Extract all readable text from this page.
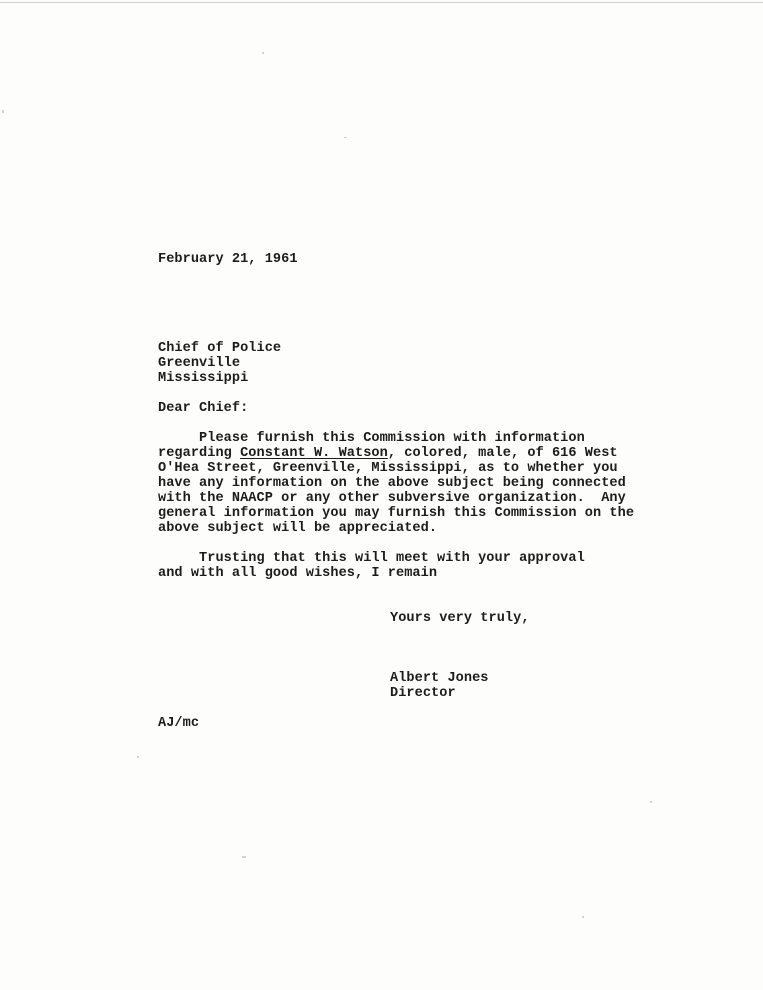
February 21, 1961
Chief of Police
Greenville
Mississippi
Dear Chief:
Please furnish this Commission with information
regarding Constant W. Watson, colored, male, of 616 West
O'Hea Street, Greenville, Mississippi, as to whether you
have any information on the above subject being connected
with the NAACP or any other subversive organization.  Any
general information you may furnish this Commission on the
above subject will be appreciated.
Trusting that this will meet with your approval
and with all good wishes, I remain
Yours very truly,
Albert Jones
Director
AJ/mc
